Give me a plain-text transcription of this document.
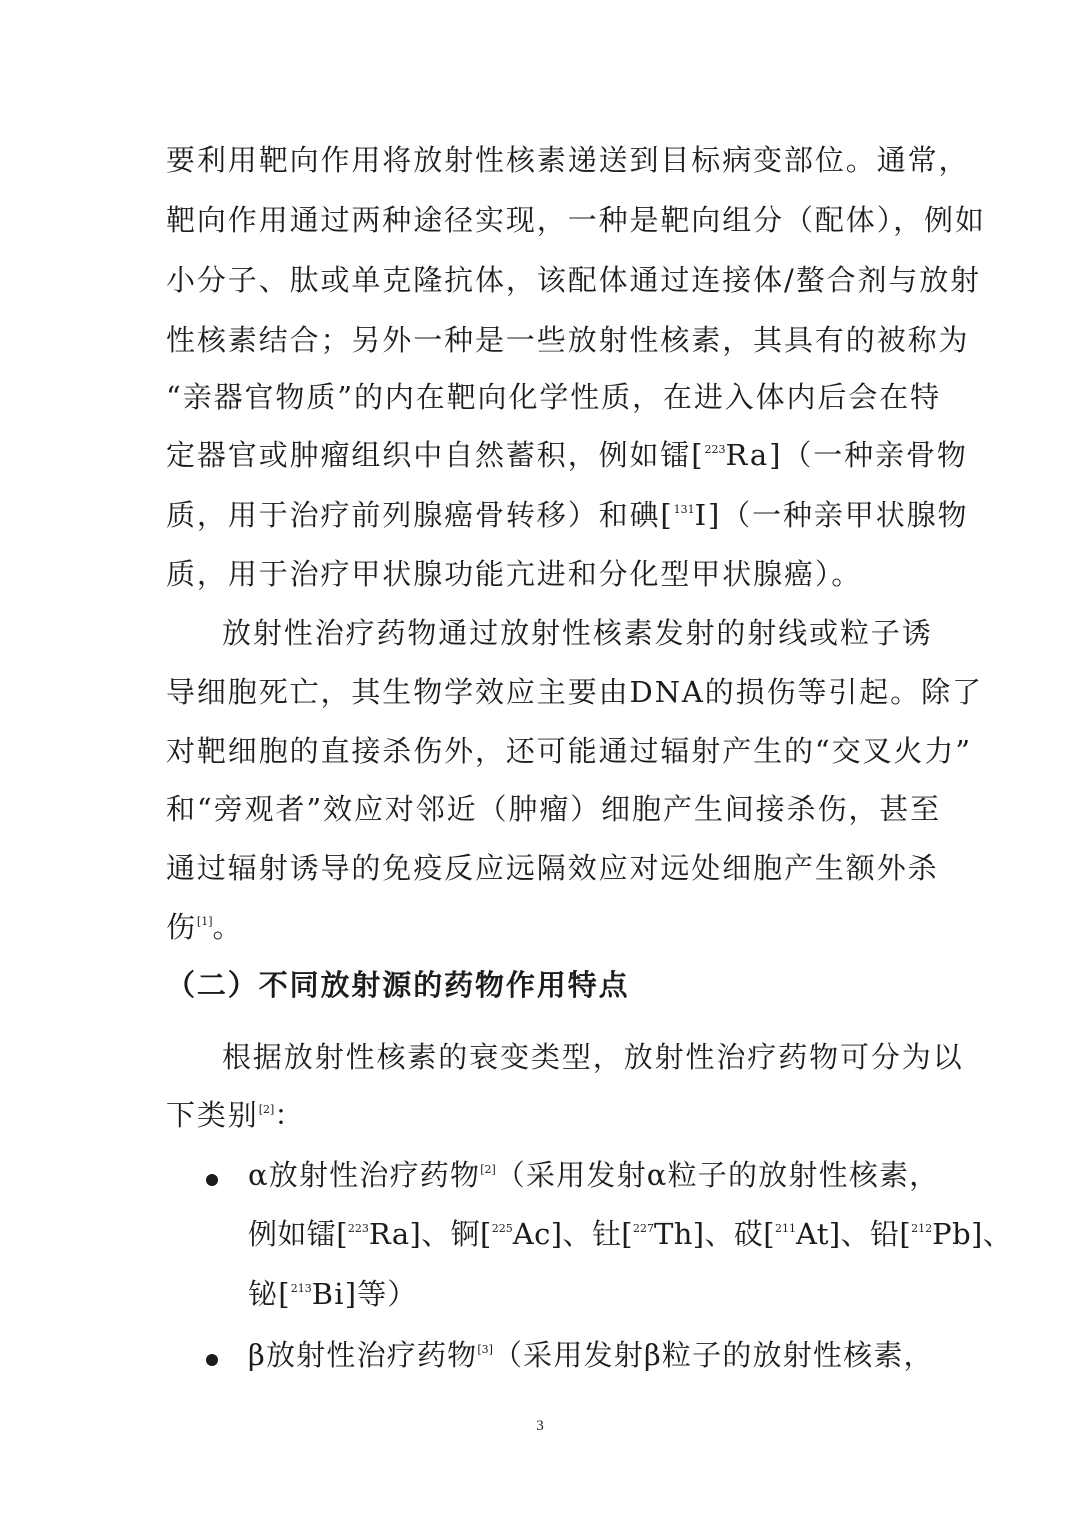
要利用靶向作用将放射性核素递送到目标病变部位。通常，
靶向作用通过两种途径实现，一种是靶向组分（配体），例如
小分子、肽或单克隆抗体，该配体通过连接体/螯合剂与放射
性核素结合；另外一种是一些放射性核素，其具有的被称为
“亲器官物质”的内在靶向化学性质，在进入体内后会在特
定器官或肿瘤组织中自然蓄积，例如镭[$^{223}$Ra]（一种亲骨物
质，用于治疗前列腺癌骨转移）和碘[$^{131}$I]（一种亲甲状腺物
质，用于治疗甲状腺功能亢进和分化型甲状腺癌）。
放射性治疗药物通过放射性核素发射的射线或粒子诱
导细胞死亡，其生物学效应主要由DNA的损伤等引起。除了
对靶细胞的直接杀伤外，还可能通过辐射产生的“交叉火力”
和“旁观者”效应对邻近（肿瘤）细胞产生间接杀伤，甚至
通过辐射诱导的免疫反应远隔效应对远处细胞产生额外杀
伤[1]。
（二）不同放射源的药物作用特点
根据放射性核素的衰变类型，放射性治疗药物可分为以
下类别[2]：
α放射性治疗药物[2]（采用发射α粒子的放射性核素，
例如镭[$^{223}$Ra]、锕[$^{225}$Ac]、钍[$^{227}$Th]、砹[$^{211}$At]、铅[$^{212}$Pb]、
铋[$^{213}$Bi]等）
β放射性治疗药物[3]（采用发射β粒子的放射性核素，
3
